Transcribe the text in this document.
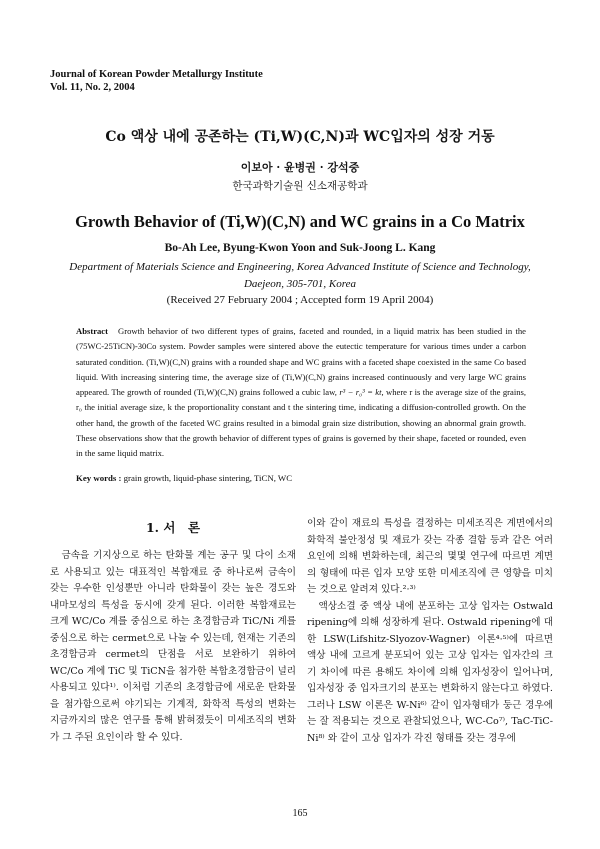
Journal of Korean Powder Metallurgy Institute
Vol. 11, No. 2, 2004
Co 액상 내에 공존하는 (Ti,W)(C,N)과 WC입자의 성장 거동
이보아 · 윤병권 · 강석중
한국과학기술원 신소재공학과
Growth Behavior of (Ti,W)(C,N) and WC grains in a Co Matrix
Bo-Ah Lee, Byung-Kwon Yoon and Suk-Joong L. Kang
Department of Materials Science and Engineering, Korea Advanced Institute of Science and Technology,
Daejeon, 305-701, Korea
(Received 27 February 2004 ; Accepted form 19 April 2004)
Abstract Growth behavior of two different types of grains, faceted and rounded, in a liquid matrix has been studied in the (75WC-25TiCN)-30Co system. Powder samples were sintered above the eutectic temperature for various times under a carbon saturated condition. (Ti,W)(C,N) grains with a rounded shape and WC grains with a faceted shape coexisted in the same Co based liquid. With increasing sintering time, the average size of (Ti,W)(C,N) grains increased continuously and very large WC grains appeared. The growth of rounded (Ti,W)(C,N) grains followed a cubic law, r³ − r₀³ = kt, where r is the average size of the grains, r₀ the initial average size, k the proportionality constant and t the sintering time, indicating a diffusion-controlled growth. On the other hand, the growth of the faceted WC grains resulted in a bimodal grain size distribution, showing an abnormal grain growth. These observations show that the growth behavior of different types of grains is governed by their shape, faceted or rounded, even in the same liquid matrix.
Key words : grain growth, liquid-phase sintering, TiCN, WC
1. 서　론

금속을 기지상으로 하는 탄화물 계는 공구 및 다이 소재로 사용되고 있는 대표적인 복합재료 중 하나로써 금속이 갖는 우수한 인성뿐만 아니라 탄화물이 갖는 높은 경도와 내마모성의 특성을 동시에 갖게 된다. 이러한 복합재료는 크게 WC/Co 계를 중심으로 하는 초경합금과 TiC/Ni 계를 중심으로 하는 cermet으로 나눌 수 있는데, 현재는 기존의 초경합금과 cermet의 단점을 서로 보완하기 위하여 WC/Co 계에 TiC 및 TiCN을 첨가한 복합초경합금이 널리 사용되고 있다¹⁾. 이처럼 기존의 초경합금에 새로운 탄화물을 첨가함으로써 야기되는 기계적, 화학적 특성의 변화는 지금까지의 많은 연구를 통해 밝혀졌듯이 미세조직의 변화가 그 주된 요인이라 할 수 있다.

이와 같이 재료의 특성을 결정하는 미세조직은 계면에서의 화학적 불안정성 및 재료가 갖는 각종 결함 등과 같은 여러 요인에 의해 변화하는데, 최근의 몇몇 연구에 따르면 계면의 형태에 따른 입자 모양 또한 미세조직에 큰 영향을 미치는 것으로 알려져 있다.²·³⁾

액상소결 중 액상 내에 분포하는 고상 입자는 Ostwald ripening에 의해 성장하게 된다. Ostwald ripening에 대한 LSW(Lifshitz-Slyozov-Wagner) 이론⁴·⁵⁾에 따르면 액상 내에 고르게 분포되어 있는 고상 입자는 입자간의 크기 차이에 따른 용해도 차이에 의해 입자성장이 일어나며, 입자성장 중 입자크기의 분포는 변화하지 않는다고 하였다. 그러나 LSW 이론은 W-Ni⁶⁾ 같이 입자형태가 둥근 경우에는 잘 적용되는 것으로 관찰되었으나, WC-Co⁷⁾, TaC-TiC-Ni⁸⁾ 와 같이 고상 입자가 각진 형태를 갖는 경우에

165
